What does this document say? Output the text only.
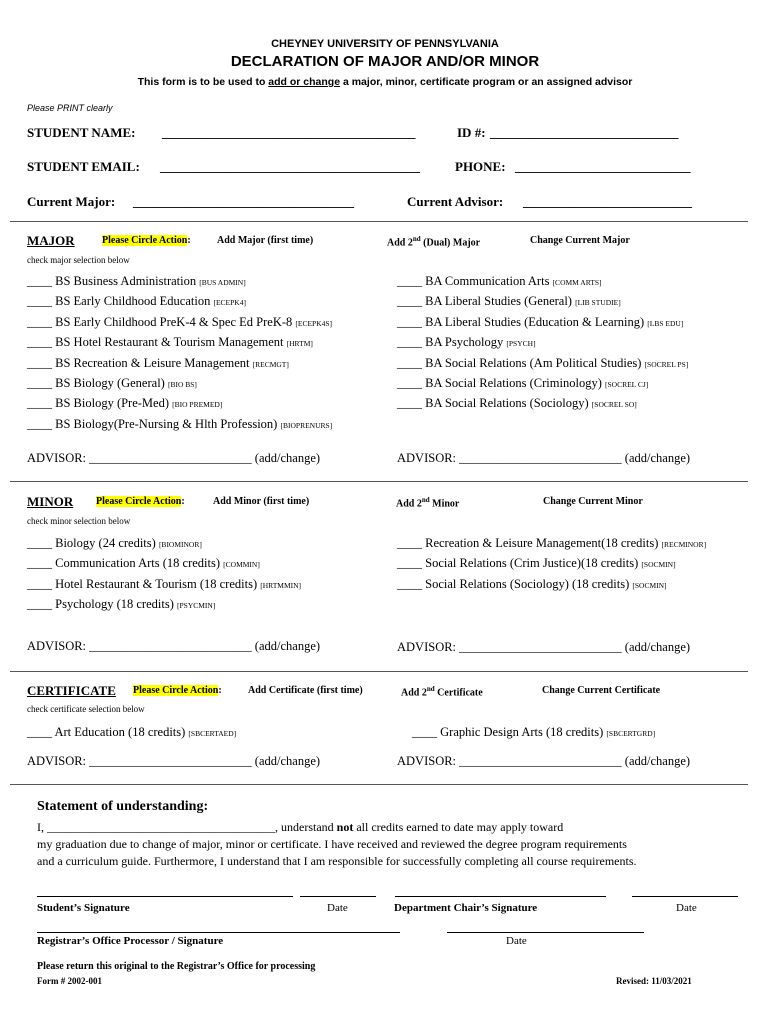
CHEYNEY UNIVERSITY OF PENNSYLVANIA
DECLARATION OF MAJOR AND/OR MINOR
This form is to be used to add or change a major, minor, certificate program or an assigned advisor
Please PRINT clearly
STUDENT NAME: _______________________________________	ID #: _____________________________
STUDENT EMAIL: ________________________________________	PHONE: ___________________________
Current Major: __________________________________	Current Advisor: __________________________
MAJOR	Please Circle Action:	Add Major (first time)	Add 2nd (Dual) Major	Change Current Major
check major selection below
____ BS Business Administration [BUS ADMIN]
____ BS Early Childhood Education [ECEPK4]
____ BS Early Childhood PreK-4 & Spec Ed PreK-8 [ECEPK4S]
____ BS Hotel Restaurant & Tourism Management [HRTM]
____ BS Recreation & Leisure Management [RECMGT]
____ BS Biology (General) [BIO BS]
____ BS Biology (Pre-Med) [BIO PREMED]
____ BS Biology(Pre-Nursing & Hlth Profession) [BIOPRENURS]
____ BA Communication Arts [COMM ARTS]
____ BA Liberal Studies (General) [LIB STUDIE]
____ BA Liberal Studies (Education & Learning) [LBS EDU]
____ BA Psychology [PSYCH]
____ BA Social Relations (Am Political Studies) [SOCREL PS]
____ BA Social Relations (Criminology) [SOCREL CJ]
____ BA Social Relations (Sociology) [SOCREL SO]
ADVISOR: __________________________ (add/change)	ADVISOR: __________________________ (add/change)
MINOR Please Circle Action:	Add Minor (first time)	Add 2nd Minor	Change Current Minor
check minor selection below
____ Biology (24 credits) [BIOMINOR]
____ Communication Arts (18 credits) [COMMIN]
____ Hotel Restaurant & Tourism (18 credits) [HRTMMIN]
____ Psychology (18 credits) [PSYCMIN]
____ Recreation & Leisure Management(18 credits) [RECMINOR]
____ Social Relations (Crim Justice)(18 credits) [SOCMIN]
____ Social Relations (Sociology) (18 credits) [SOCMIN]
ADVISOR: __________________________ (add/change)	ADVISOR: __________________________ (add/change)
CERTIFICATE Please Circle Action:	Add Certificate (first time)	Add 2nd Certificate	Change Current Certificate
check certificate selection below
____ Art Education (18 credits) [SBCERTAED]	____ Graphic Design Arts (18 credits) [SBCERTGRD]
ADVISOR: __________________________ (add/change)	ADVISOR: __________________________ (add/change)
Statement of understanding:
I, ______________________________________, understand not all credits earned to date may apply toward
my graduation due to change of major, minor or certificate. I have received and reviewed the degree program requirements
and a curriculum guide. Furthermore, I understand that I am responsible for successfully completing all course requirements.
Student’s Signature	Date	Department Chair’s Signature	Date
Registrar’s Office Processor / Signature	Date
Please return this original to the Registrar’s Office for processing
Form # 2002-001	Revised: 11/03/2021
